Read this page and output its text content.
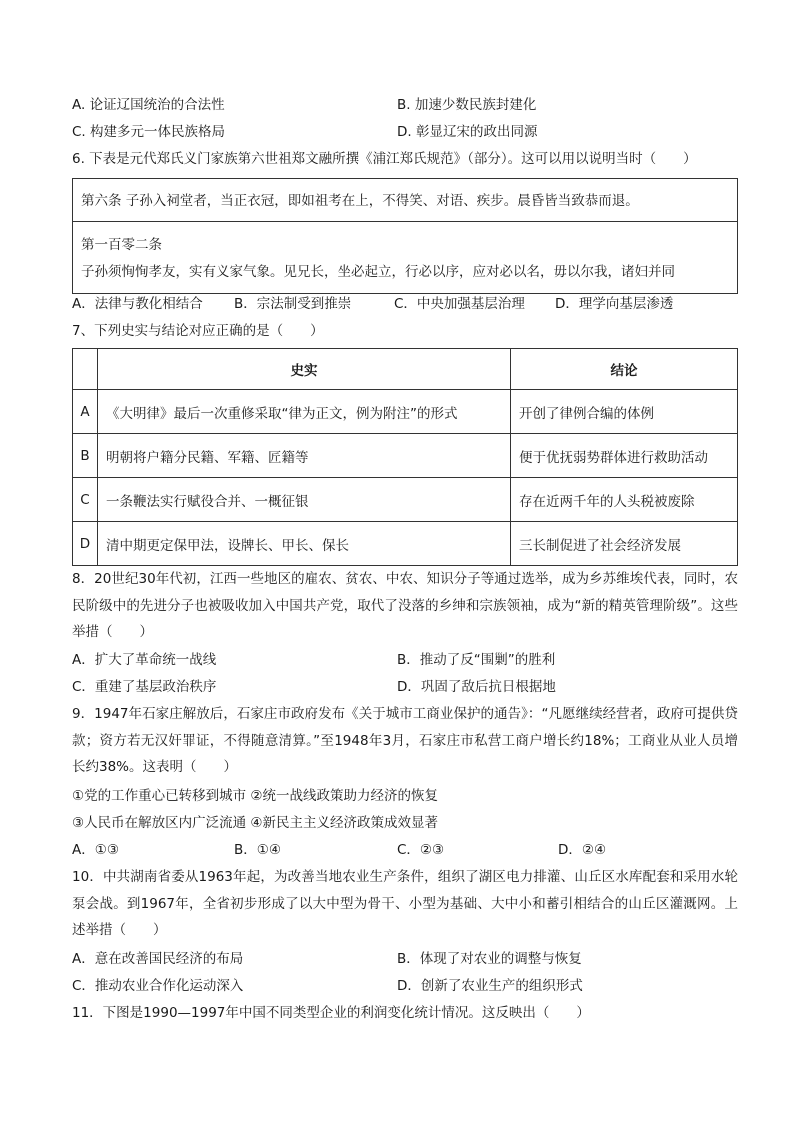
A. 论证辽国统治的合法性	B. 加速少数民族封建化
C. 构建多元一体民族格局	D. 彰显辽宋的政出同源
6. 下表是元代郑氏义门家族第六世祖郑文融所撰《浦江郑氏规范》（部分）。这可以用以说明当时（　　）
第六条 子孙入祠堂者，当正衣冠，即如祖考在上，不得笑、对语、疾步。晨昏皆当致恭而退。
第一百零二条
子孙须恂恂孝友，实有义家气象。见兄长，坐必起立，行必以序，应对必以名，毋以尔我，诸妇并同
A．法律与教化相结合 B．宗法制受到推崇	C．中央加强基层治理 D．理学向基层渗透
7、下列史实与结论对应正确的是（　　）
	史实	结论
A	《大明律》最后一次重修采取“律为正文，例为附注”的形式	开创了律例合编的体例
B	明朝将户籍分民籍、军籍、匠籍等	便于优抚弱势群体进行救助活动
C	一条鞭法实行赋役合并、一概征银	存在近两千年的人头税被废除
D	清中期更定保甲法，设牌长、甲长、保长	三长制促进了社会经济发展
8．20世纪30年代初，江西一些地区的雇农、贫农、中农、知识分子等通过选举，成为乡苏维埃代表，同时，农民阶级中的先进分子也被吸收加入中国共产党，取代了没落的乡绅和宗族领袖，成为“新的精英管理阶级”。这些举措（　　）
A．扩大了革命统一战线	B．推动了反“围剿”的胜利
C．重建了基层政治秩序	D．巩固了敌后抗日根据地
9．1947年石家庄解放后，石家庄市政府发布《关于城市工商业保护的通告》：“凡愿继续经营者，政府可提供贷款；资方若无汉奸罪证，不得随意清算。”至1948年3月，石家庄市私营工商户增长约18%；工商业从业人员增长约38%。这表明（　　）
①党的工作重心已转移到城市 ②统一战线政策助力经济的恢复
③人民币在解放区内广泛流通 ④新民主主义经济政策成效显著
A．①③	B．①④	C．②③	D．②④
10．中共湖南省委从1963年起，为改善当地农业生产条件，组织了湖区电力排灌、山丘区水库配套和采用水轮泵会战。到1967年，全省初步形成了以大中型为骨干、小型为基础、大中小和蓄引相结合的山丘区灌溉网。上述举措（　　）
A．意在改善国民经济的布局	B．体现了对农业的调整与恢复
C．推动农业合作化运动深入	D．创新了农业生产的组织形式
11．下图是1990—1997年中国不同类型企业的利润变化统计情况。这反映出（　　）
